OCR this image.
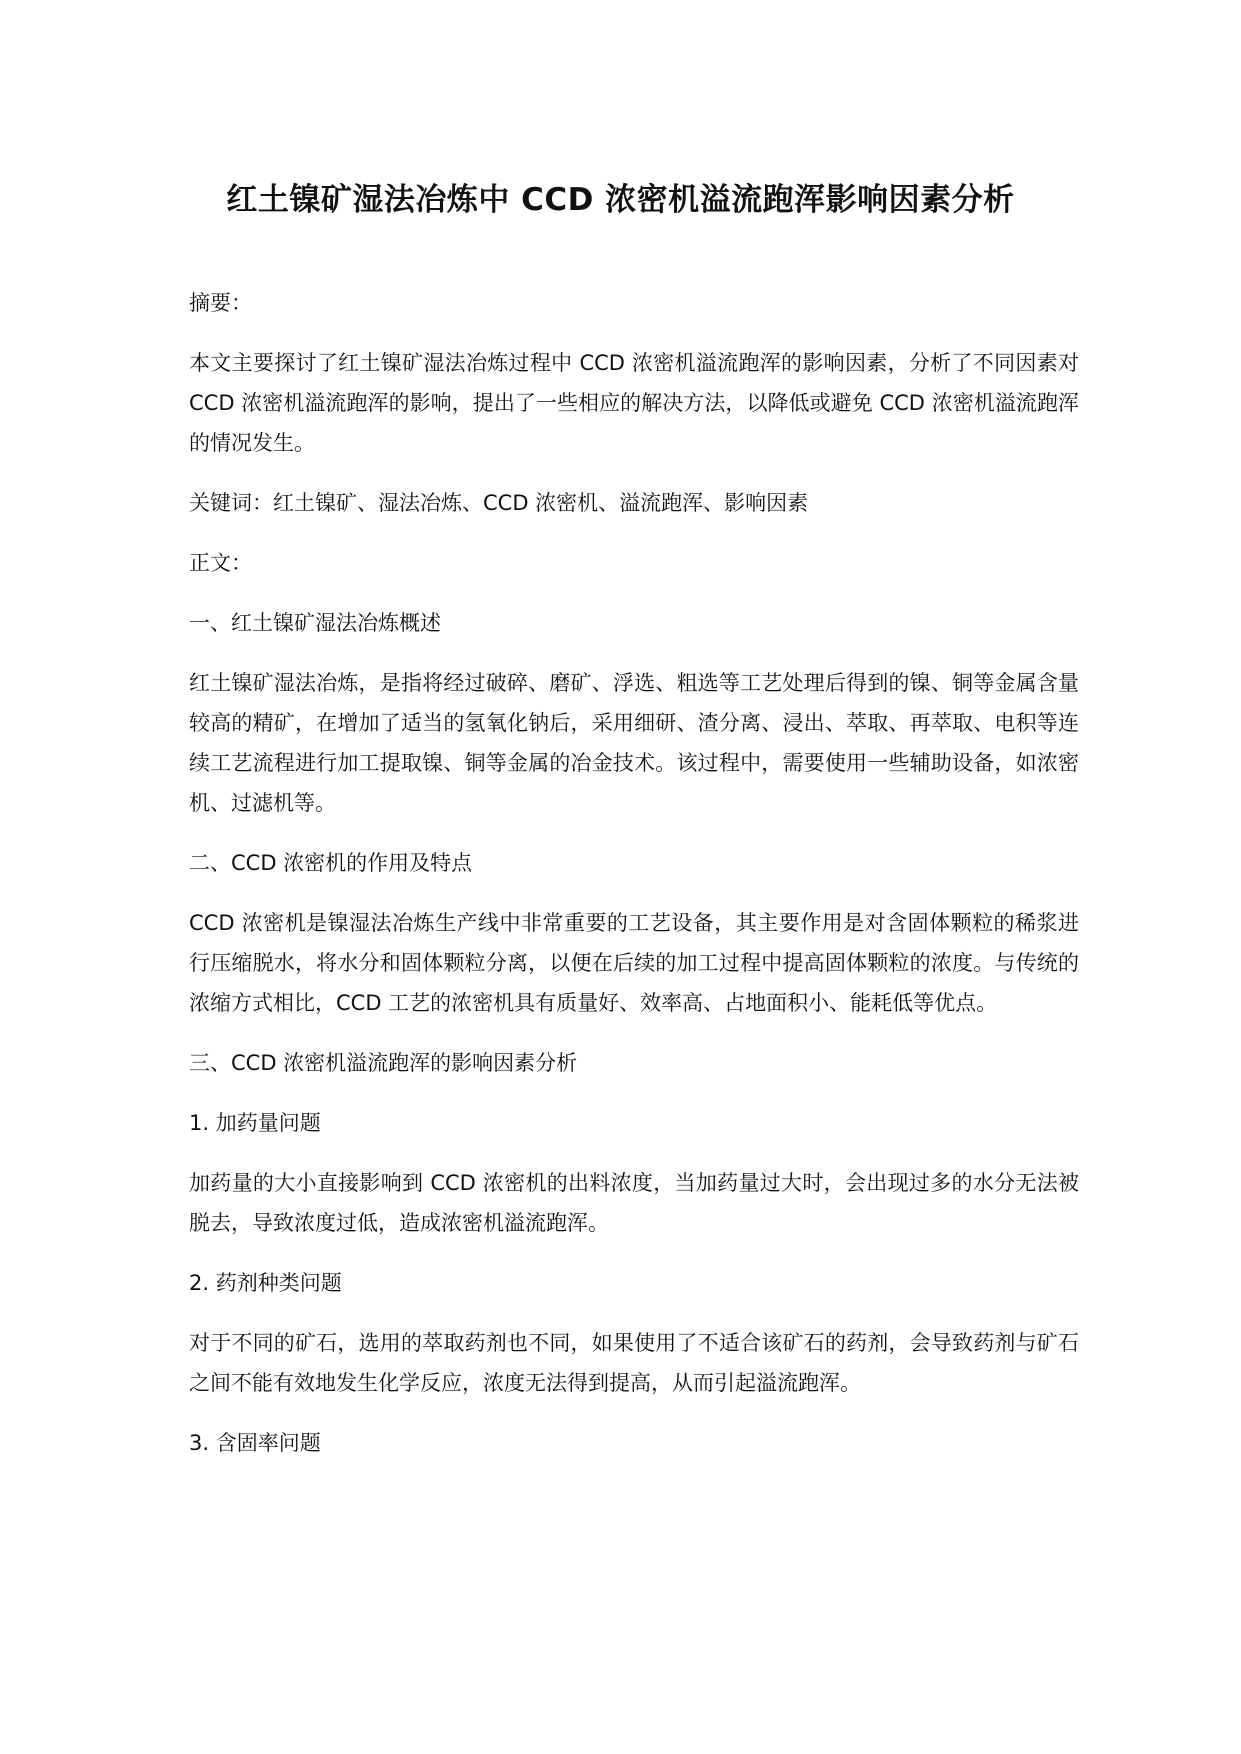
红土镍矿湿法冶炼中 CCD 浓密机溢流跑浑影响因素分析

摘要：

本文主要探讨了红土镍矿湿法冶炼过程中 CCD 浓密机溢流跑浑的影响因素，分析了不同因素对 CCD 浓密机溢流跑浑的影响，提出了一些相应的解决方法，以降低或避免 CCD 浓密机溢流跑浑的情况发生。

关键词：红土镍矿、湿法冶炼、CCD 浓密机、溢流跑浑、影响因素

正文：

一、红土镍矿湿法冶炼概述

红土镍矿湿法冶炼，是指将经过破碎、磨矿、浮选、粗选等工艺处理后得到的镍、铜等金属含量较高的精矿，在增加了适当的氢氧化钠后，采用细研、渣分离、浸出、萃取、再萃取、电积等连续工艺流程进行加工提取镍、铜等金属的冶金技术。该过程中，需要使用一些辅助设备，如浓密机、过滤机等。

二、CCD 浓密机的作用及特点

CCD 浓密机是镍湿法冶炼生产线中非常重要的工艺设备，其主要作用是对含固体颗粒的稀浆进行压缩脱水，将水分和固体颗粒分离，以便在后续的加工过程中提高固体颗粒的浓度。与传统的浓缩方式相比，CCD 工艺的浓密机具有质量好、效率高、占地面积小、能耗低等优点。

三、CCD 浓密机溢流跑浑的影响因素分析

1. 加药量问题

加药量的大小直接影响到 CCD 浓密机的出料浓度，当加药量过大时，会出现过多的水分无法被脱去，导致浓度过低，造成浓密机溢流跑浑。

2. 药剂种类问题

对于不同的矿石，选用的萃取药剂也不同，如果使用了不适合该矿石的药剂，会导致药剂与矿石之间不能有效地发生化学反应，浓度无法得到提高，从而引起溢流跑浑。

3. 含固率问题
